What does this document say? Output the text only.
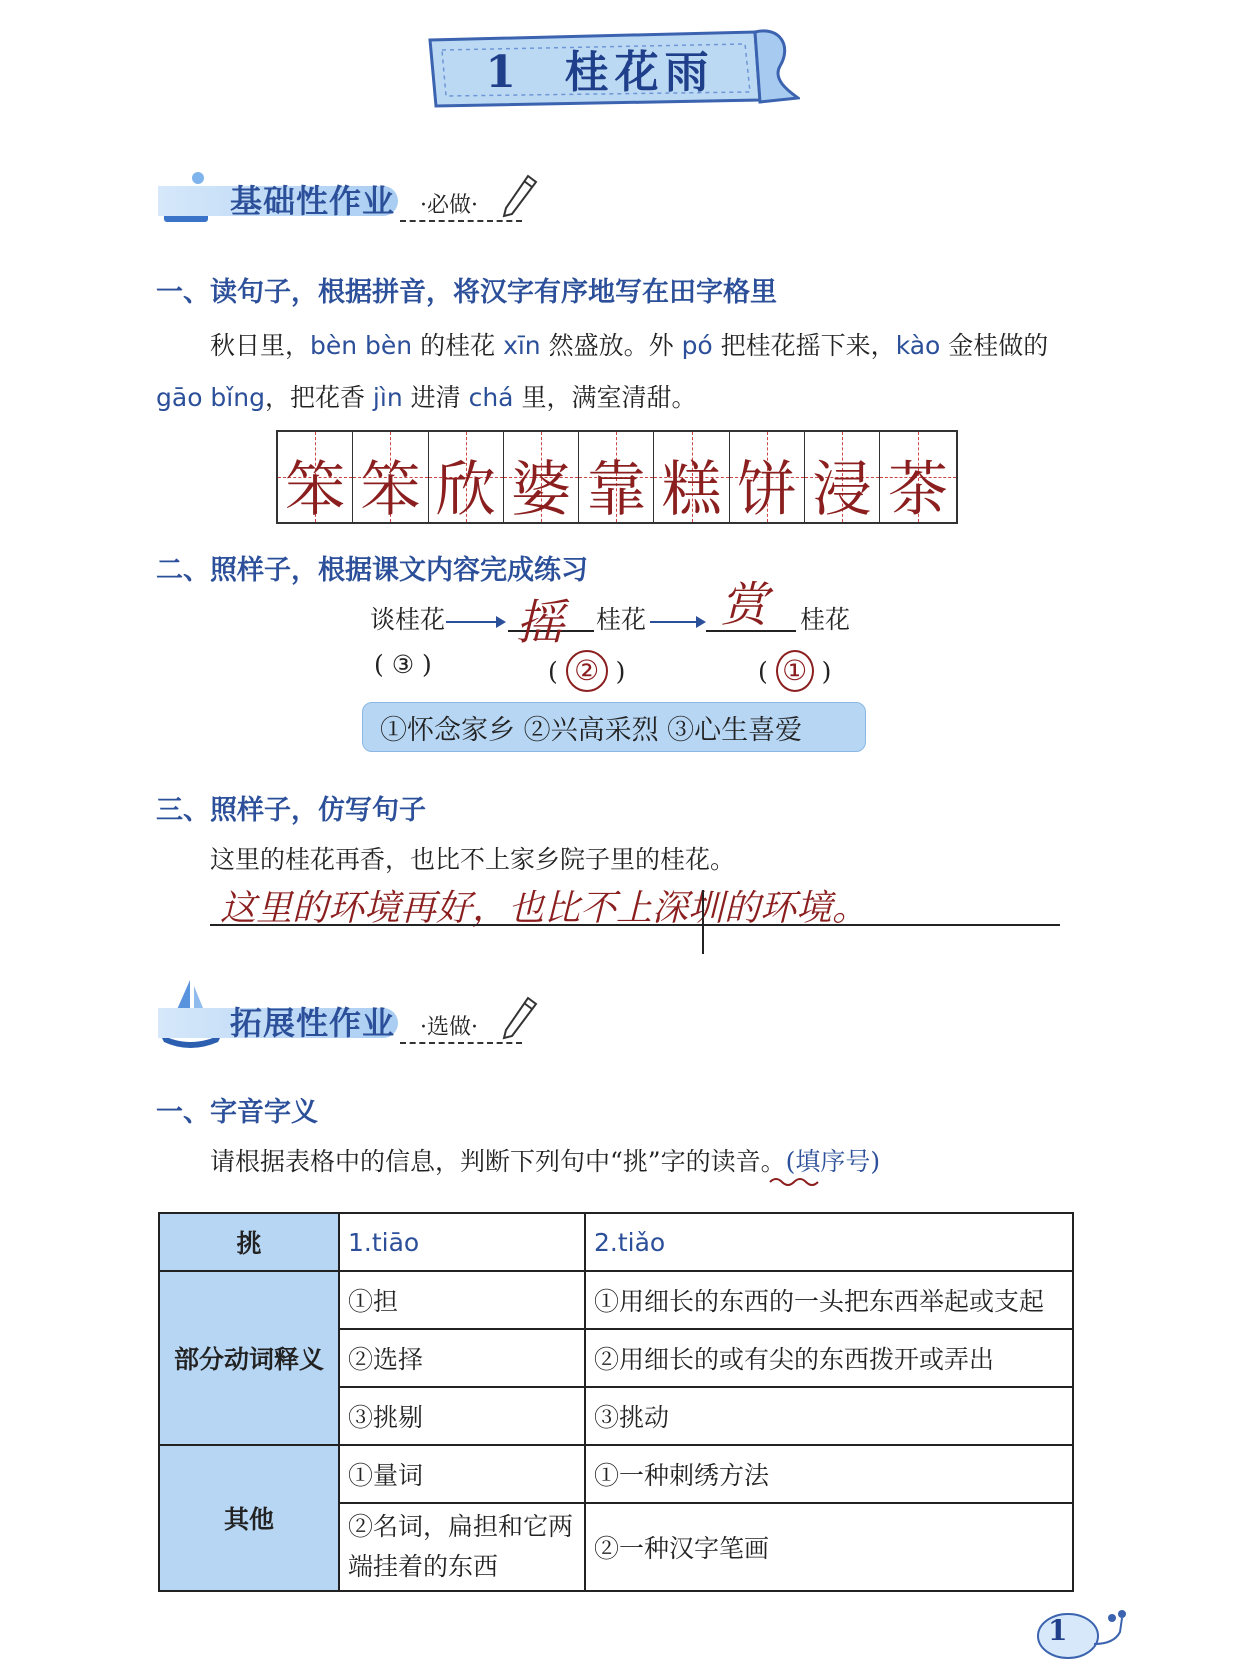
1 桂花雨
基础性作业 ·必做·
一、读句子，根据拼音，将汉字有序地写在田字格里
秋日里，bèn bèn 的桂花 xīn 然盛放。外 pó 把桂花摇下来，kào 金桂做的
gāo bǐng，把花香 jìn 进清 chá 里，满室清甜。
笨 笨 欣 婆 靠 糕 饼 浸 茶
二、照样子，根据课文内容完成练习
谈桂花 摇 桂花 赏 桂花
( ③ )	( ② )	( ① )
①怀念家乡 ②兴高采烈 ③心生喜爱
三、照样子，仿写句子
这里的桂花再香，也比不上家乡院子里的桂花。
这里的环境再好，也比不上深圳的环境。
拓展性作业 ·选做·
一、字音字义
请根据表格中的信息，判断下列句中“挑”字的读音。(填序号)
挑	1.tiāo	2.tiǎo
部分动词释义	①担	①用细长的东西的一头把东西举起或支起
	②选择	②用细长的或有尖的东西拨开或弄出
	③挑剔	③挑动
其他	①量词	①一种刺绣方法
	②名词，扁担和它两端挂着的东西	②一种汉字笔画
1
